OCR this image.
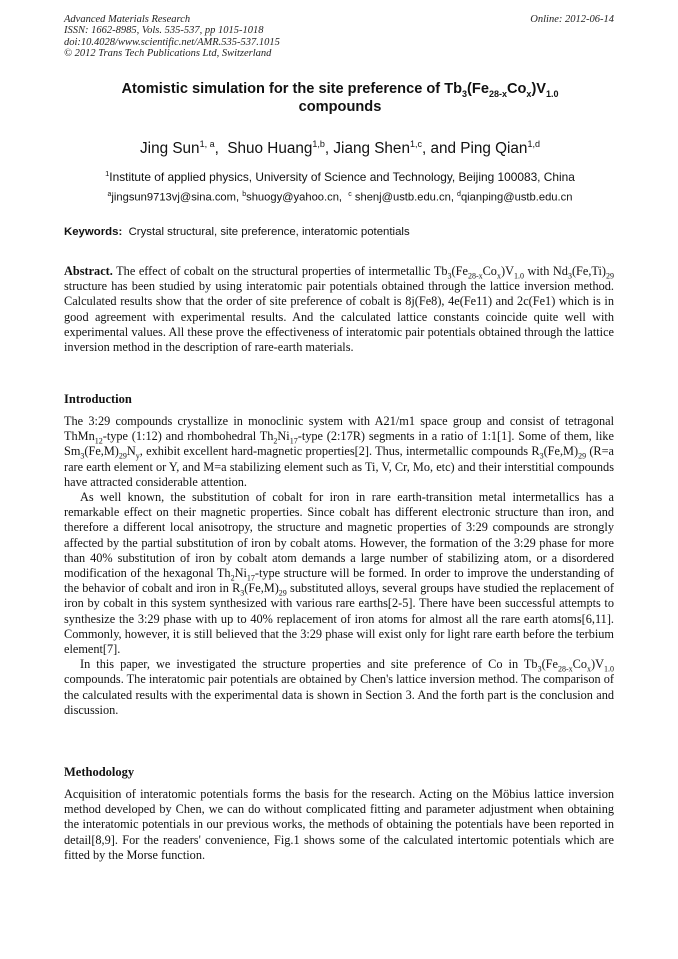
Advanced Materials Research
ISSN: 1662-8985, Vols. 535-537, pp 1015-1018
doi:10.4028/www.scientific.net/AMR.535-537.1015
© 2012 Trans Tech Publications Ltd, Switzerland
Online: 2012-06-14
Atomistic simulation for the site preference of $Tb_3(Fe_{28-x}Co_x)V_{1.0}$
compounds
Jing Sun$^{1, a}$,  Shuo Huang$^{1,b}$, Jiang Shen$^{1,c}$, and Ping Qian$^{1,d}$
$^1$Institute of applied physics, University of Science and Technology, Beijing 100083, China
$^a$jingsun9713vj@sina.com, $^b$shuogy@yahoo.cn,  $^c$ shenj@ustb.edu.cn, $^d$qianping@ustb.edu.cn
Keywords:  Crystal structural, site preference, interatomic potentials

Abstract. The effect of cobalt on the structural properties of intermetallic $Tb_3(Fe_{28-x}Co_x)V_{1.0}$ with $Nd_3(Fe,Ti)_{29}$ structure has been studied by using interatomic pair potentials obtained through the lattice inversion method. Calculated results show that the order of site preference of cobalt is 8j(Fe8), 4e(Fe11) and 2c(Fe1) which is in good agreement with experimental results. And the calculated lattice constants coincide quite well with experimental values. All these prove the effectiveness of interatomic pair potentials obtained through the lattice inversion method in the description of rare-earth materials.

Introduction

The 3:29 compounds crystallize in monoclinic system with A21/m1 space group and consist of tetragonal ThMn$_{12}$-type (1:12) and rhombohedral $Th_2Ni_{17}$-type (2:17R) segments in a ratio of 1:1[1]. Some of them, like $Sm_3(Fe,M)_{29}N_y$, exhibit excellent hard-magnetic properties[2]. Thus, intermetallic compounds $R_3(Fe,M)_{29}$ (R=a rare earth element or Y, and M=a stabilizing element such as Ti, V, Cr, Mo, etc) and their interstitial compounds have attracted considerable attention.

As well known, the substitution of cobalt for iron in rare earth-transition metal intermetallics has a remarkable effect on their magnetic properties. Since cobalt has different electronic structure than iron, and therefore a different local anisotropy, the structure and magnetic properties of 3:29 compounds are strongly affected by the partial substitution of iron by cobalt atoms. However, the formation of the 3:29 phase for more than 40% substitution of iron by cobalt atom demands a large number of stabilizing atom, or a disordered modification of the hexagonal $Th_2Ni_{17}$-type structure will be formed. In order to improve the understanding of the behavior of cobalt and iron in $R_3(Fe,M)_{29}$ substituted alloys, several groups have studied the replacement of iron by cobalt in this system synthesized with various rare earths[2-5]. There have been successful attempts to synthesize the 3:29 phase with up to 40% replacement of iron atoms for almost all the rare earth atoms[6,11]. Commonly, however, it is still believed that the 3:29 phase will exist only for light rare earth before the terbium element[7].

In this paper, we investigated the structure properties and site preference of Co in $Tb_3(Fe_{28-x}Co_x)V_{1.0}$ compounds. The interatomic pair potentials are obtained by Chen's lattice inversion method. The comparison of the calculated results with the experimental data is shown in Section 3. And the forth part is the conclusion and discussion.

Methodology

Acquisition of interatomic potentials forms the basis for the research. Acting on the Möbius lattice inversion method developed by Chen, we can do without complicated fitting and parameter adjustment when obtaining the interatomic potentials in our previous works, the methods of obtaining the potentials have been reported in detail[8,9]. For the readers' convenience, Fig.1 shows some of the calculated intertomic potentials which are fitted by the Morse function.
